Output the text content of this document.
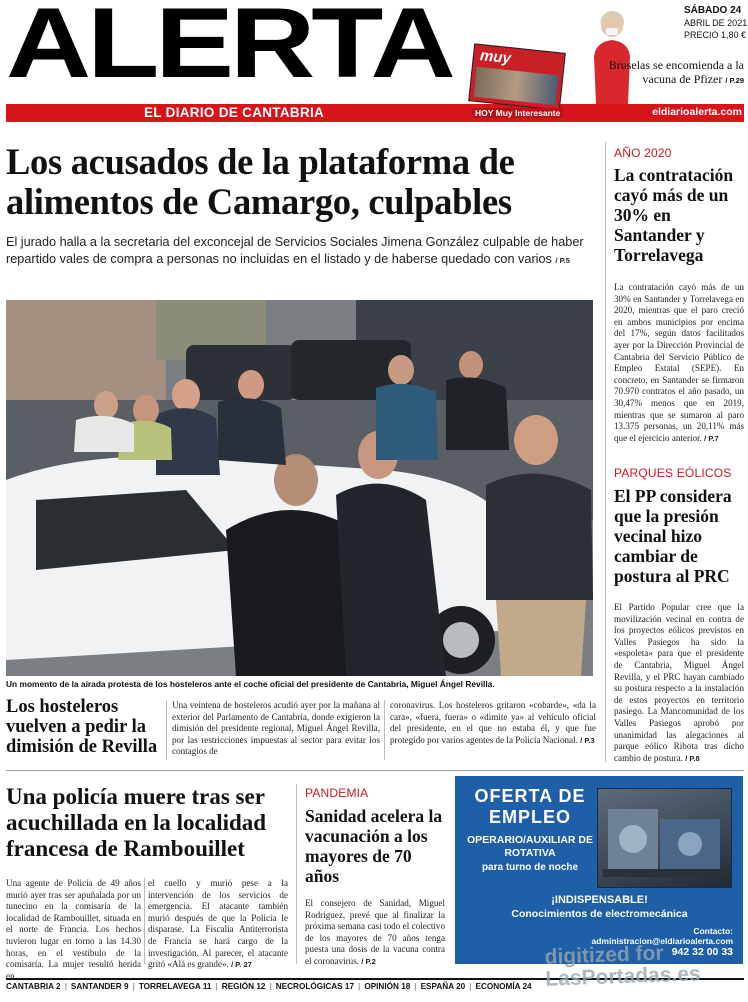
ALERTA
EL DIARIO DE CANTABRIA	eldiarioalerta.com
muy
HOY Muy Interesante
SÁBADO 24
ABRIL DE 2021
PRECIO 1,80 €
Bruselas se encomienda a la vacuna de Pfizer / P.29
Los acusados de la plataforma de alimentos de Camargo, culpables
El jurado halla a la secretaria del exconcejal de Servicios Sociales Jimena González culpable de haber repartido vales de compra a personas no incluidas en el listado y de haberse quedado con varios / P.5
Un momento de la airada protesta de los hosteleros ante el coche oficial del presidente de Cantabria, Miguel Ángel Revilla.
Los hosteleros vuelven a pedir la dimisión de Revilla
Una veintena de hosteleros acudió ayer por la mañana al exterior del Parlamento de Cantabria, donde exigieron la dimisión del presidente regional, Miguel Ángel Revilla, por las restricciones impuestas al sector para evitar los contagios de
coronavirus. Los hosteleros gritaron «cobarde», «da la cara», «fuera, fuera» o «dimite ya» al vehículo oficial del presidente, en el que no estaba él, y que fue protegido por varios agentes de la Policía Nacional. / P.3
AÑO 2020
La contratación cayó más de un 30% en Santander y Torrelavega
La contratación cayó más de un 30% en Santander y Torrelavega en 2020, mientras que el paro creció en ambos municipios por encima del 17%, según datos facilitados ayer por la Dirección Provincial de Cantabria del Servicio Público de Empleo Estatal (SEPE). En concreto, en Santander se firmaron 70.970 contratos el año pasado, un 30,47% menos que en 2019, mientras que se sumaron al paro 13.375 personas, un 20,11% más que el ejercicio anterior. / P.7
PARQUES EÓLICOS
El PP considera que la presión vecinal hizo cambiar de postura al PRC
El Partido Popular cree que la movilización vecinal en contra de los proyectos eólicos previstos en Valles Pasiegos ha sido la «espoleta» para que el presidente de Cantabria, Miguel Ángel Revilla, y el PRC hayan cambiado su postura respecto a la instalación de estos proyectos en territorio pasiego. La Mancomunidad de los Valles Pasiegos aprobó por unanimidad las alegaciones al parque eólico Ribota tras dicho cambio de postura. / P.8
Una policía muere tras ser acuchillada en la localidad francesa de Rambouillet
Una agente de Policía de 49 años murió ayer tras ser apuñalada por un tunecino en la comisaría de la localidad de Rambouillet, situada en el norte de Francia. Los hechos tuvieron lugar en torno a las 14.30 horas, en el vestíbulo de la comisaría. La mujer resultó herida en
el cuello y murió pese a la intervención de los servicios de emergencia. El atacante también murió después de que la Policía le disparase. La Fiscalía Antiterrorista de Francia se hará cargo de la investigación. Al parecer, el atacante gritó «Alá es grande». / P. 27
PANDEMIA
Sanidad acelera la vacunación a los mayores de 70 años
El consejero de Sanidad, Miguel Rodríguez, prevé que al finalizar la próxima semana casi todo el colectivo de los mayores de 70 años tenga puesta una dosis de la vacuna contra el coronavirus. / P.2
OFERTA DE EMPLEO
OPERARIO/AUXILIAR DE ROTATIVA
para turno de noche
¡INDISPENSABLE!
Conocimientos de electromecánica
Contacto:
administracion@eldiarioalerta.com
942 32 00 33
CANTABRIA 2 | SANTANDER 9 | TORRELAVEGA 11 | REGIÓN 12 | NECROLÓGICAS 17 | OPINIÓN 18 | ESPAÑA 20 | ECONOMÍA 24
digitized for
LasPortadas.es
